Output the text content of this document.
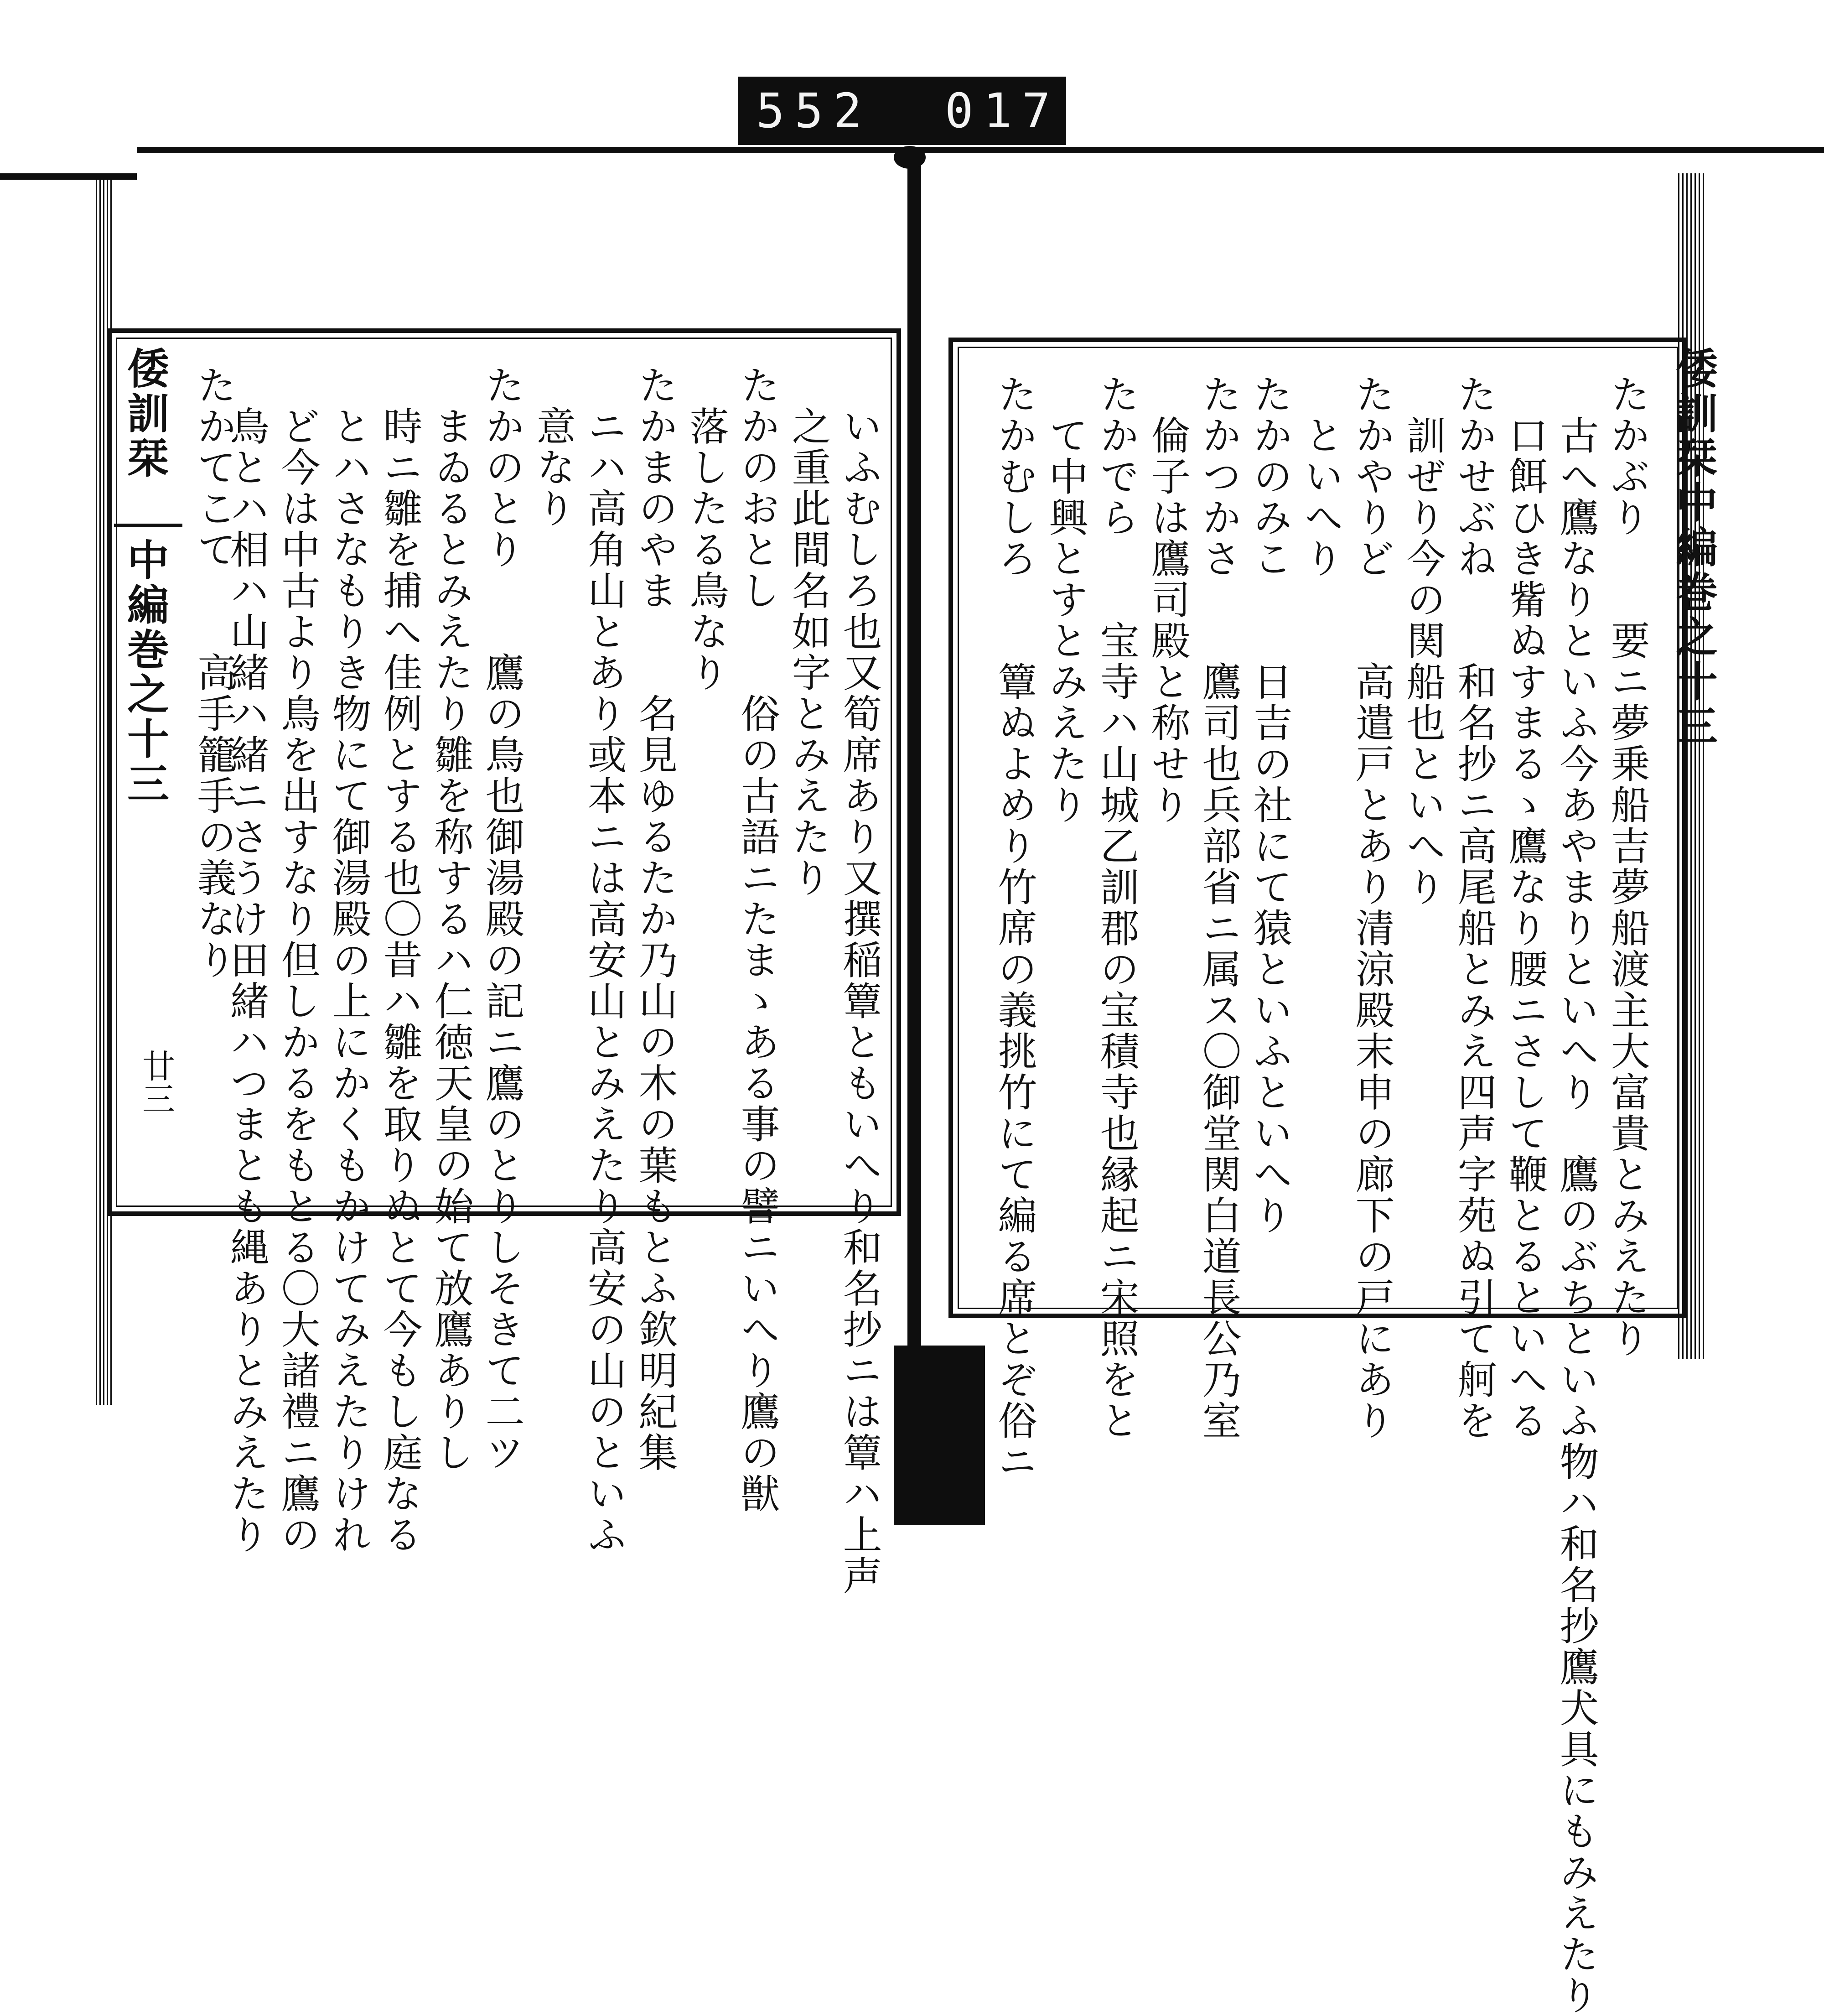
552 017
倭訓栞
中編巻之十三
廿三
倭訓栞中編巻之十三
たかぶり　　要ニ夢乗船吉夢船渡主大富貴とみえたり
　古へ鷹なりといふ今あやまりといへり　鷹のぶちといふ物ハ和名抄鷹犬具にもみえたり
　口餌ひき觜ぬすまるゝ鷹なり腰ニさして鞭とるといへる
たかせぶね　　和名抄ニ高尾船とみえ四声字苑ぬ引て舸を
　訓ぜり今の関船也といへり
たかやりど　　高遣戸とあり清涼殿末申の廊下の戸にあり
　といへり
たかのみこ　　日吉の社にて猿といふといへり
たかつかさ　　鷹司也兵部省ニ属ス〇御堂関白道長公乃室
　倫子は鷹司殿と称せり
たかでら　　宝寺ハ山城乙訓郡の宝積寺也縁起ニ宋照をと
　て中興とすとみえたり
たかむしろ　　簟ぬよめり竹席の義挑竹にて編る席とぞ俗ニ
　いふむしろ也又筍席あり又撰稲簟ともいへり和名抄ニは簟ハ上声
　之重此間名如字とみえたり
たかのおとし　　俗の古語ニたまゝある事の譬ニいへり鷹の獣
　落したる鳥なり
たかまのやま　　名見ゆるたか乃山の木の葉もとふ欽明紀集
　ニハ高角山とあり或本ニは高安山とみえたり高安の山のといふ
　意なり
たかのとり　　鷹の鳥也御湯殿の記ニ鷹のとりしそきて二ツ
　まゐるとみえたり雛を称するハ仁徳天皇の始て放鷹ありし
　時ニ雛を捕へ佳例とする也〇昔ハ雛を取りぬとて今もし庭なる
　とハさなもりき物にて御湯殿の上にかくもかけてみえたりけれ
　ど今は中古より鳥を出すなり但しかるをもとる〇大諸禮ニ鷹の
　鳥とハ相ハ山緒ハ緒ニさうけ田緒ハつまとも縄ありとみえたり
たかてこて　　高手籠手の義なり
